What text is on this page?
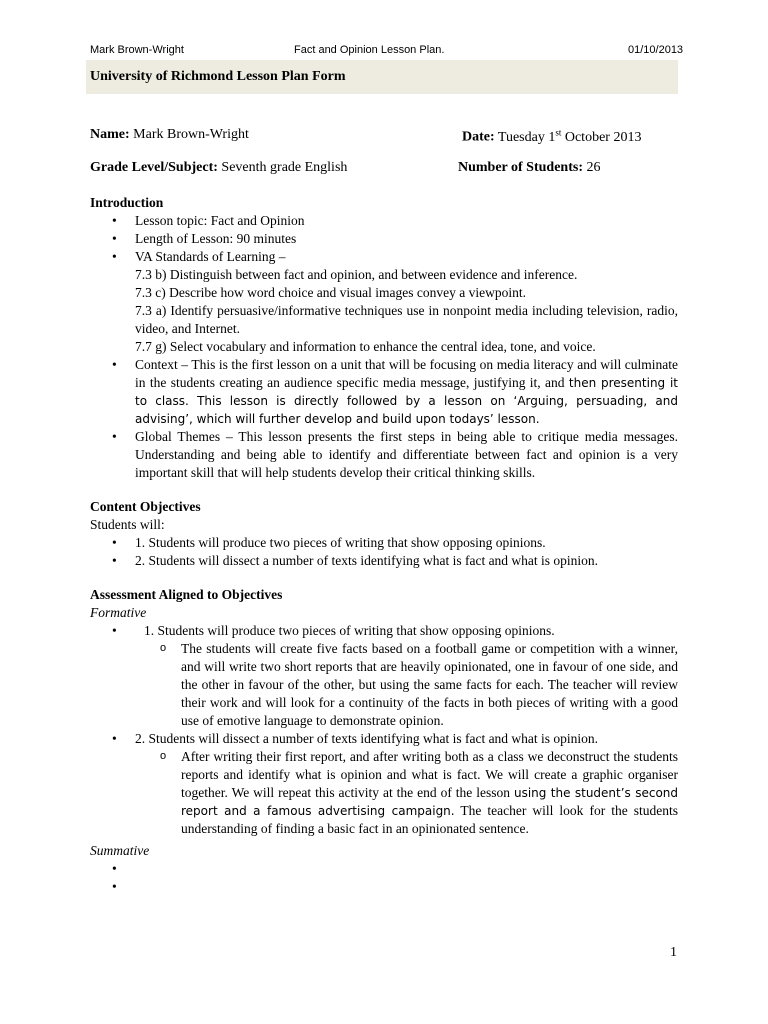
Mark Brown-Wright	Fact and Opinion Lesson Plan.	01/10/2013
University of Richmond Lesson Plan Form
Name: Mark Brown-Wright	Date: Tuesday 1st October 2013
Grade Level/Subject: Seventh grade English	Number of Students: 26
Introduction
• Lesson topic: Fact and Opinion
• Length of Lesson: 90 minutes
• VA Standards of Learning –
7.3 b) Distinguish between fact and opinion, and between evidence and inference.
7.3 c) Describe how word choice and visual images convey a viewpoint.
7.3 a) Identify persuasive/informative techniques use in nonpoint media including television, radio, video, and Internet.
7.7 g) Select vocabulary and information to enhance the central idea, tone, and voice.
• Context – This is the first lesson on a unit that will be focusing on media literacy and will culminate in the students creating an audience specific media message, justifying it, and then presenting it to class. This lesson is directly followed by a lesson on ‘Arguing, persuading, and advising’, which will further develop and build upon todays’ lesson.
• Global Themes – This lesson presents the first steps in being able to critique media messages. Understanding and being able to identify and differentiate between fact and opinion is a very important skill that will help students develop their critical thinking skills.
Content Objectives
Students will:
• 1. Students will produce two pieces of writing that show opposing opinions.
• 2. Students will dissect a number of texts identifying what is fact and what is opinion.
Assessment Aligned to Objectives
Formative
• 1. Students will produce two pieces of writing that show opposing opinions.
o The students will create five facts based on a football game or competition with a winner, and will write two short reports that are heavily opinionated, one in favour of one side, and the other in favour of the other, but using the same facts for each. The teacher will review their work and will look for a continuity of the facts in both pieces of writing with a good use of emotive language to demonstrate opinion.
• 2. Students will dissect a number of texts identifying what is fact and what is opinion.
o After writing their first report, and after writing both as a class we deconstruct the students reports and identify what is opinion and what is fact. We will create a graphic organiser together. We will repeat this activity at the end of the lesson using the student’s second report and a famous advertising campaign. The teacher will look for the students understanding of finding a basic fact in an opinionated sentence.
Summative
•
•
1
